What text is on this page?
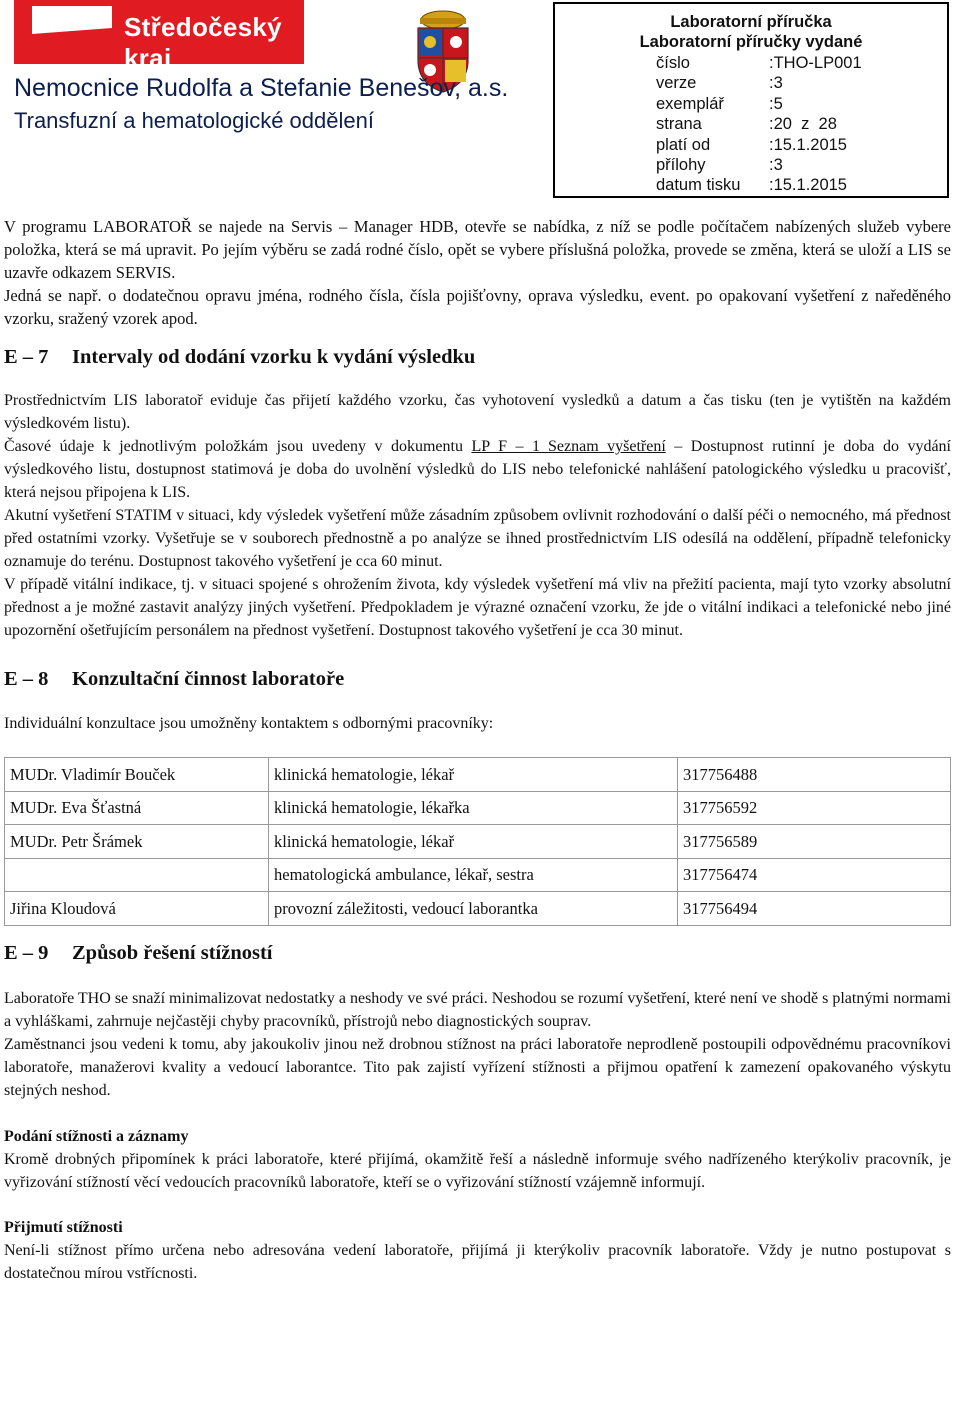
Středočeský kraj
Nemocnice Rudolfa a Stefanie Benešov, a.s.
Transfuzní a hematologické oddělení
Laboratorní příručka
Laboratorní příručky vydané
číslo	:THO-LP001
verze	:3
exemplář	:5
strana	:20  z  28
platí od	:15.1.2015
přílohy	:3
datum tisku :15.1.2015

V programu LABORATOŘ se najede na Servis – Manager HDB, otevře se nabídka, z níž se podle počítačem nabízených služeb vybere položka, která se má upravit. Po jejím výběru se zadá rodné číslo, opět se vybere příslušná položka, provede se změna, která se uloží a LIS se uzavře odkazem SERVIS.

Jedná se např. o dodatečnou opravu jména, rodného čísla, čísla pojišťovny, oprava výsledku, event. po opakovaní vyšetření z naředěného vzorku, sražený vzorek apod.

E – 7 Intervaly od dodání vzorku k vydání výsledku

Prostřednictvím LIS laboratoř eviduje čas přijetí každého vzorku, čas vyhotovení vysledků a datum a čas tisku (ten je vytištěn na každém výsledkovém listu).

Časové údaje k jednotlivým položkám jsou uvedeny v dokumentu LP_F – 1_Seznam vyšetření – Dostupnost rutinní je doba do vydání výsledkového listu, dostupnost statimová je doba do uvolnění výsledků do LIS nebo telefonické nahlášení patologického výsledku u pracovišť, která nejsou připojena k LIS.

Akutní vyšetření STATIM v situaci, kdy výsledek vyšetření může zásadním způsobem ovlivnit rozhodování o další péči o nemocného, má přednost před ostatními vzorky. Vyšetřuje se v souborech přednostně a po analýze se ihned prostřednictvím LIS odesílá na oddělení, případně telefonicky oznamuje do terénu. Dostupnost takového vyšetření je cca 60 minut.

V případě vitální indikace, tj. v situaci spojené s ohrožením života, kdy výsledek vyšetření má vliv na přežití pacienta, mají tyto vzorky absolutní přednost a je možné zastavit analýzy jiných vyšetření. Předpokladem je výrazné označení vzorku, že jde o vitální indikaci a telefonické nebo jiné upozornění ošetřujícím personálem na přednost vyšetření. Dostupnost takového vyšetření je cca 30 minut.

E – 8 Konzultační činnost laboratoře

Individuální konzultace jsou umožněny kontaktem s odbornými pracovníky:

MUDr. Vladimír Bouček	klinická hematologie, lékař	317756488
MUDr. Eva Šťastná	klinická hematologie, lékařka	317756592
MUDr. Petr Šrámek	klinická hematologie, lékař	317756589
	hematologická ambulance, lékař, sestra	317756474
Jiřina Kloudová	provozní záležitosti, vedoucí laborantka	317756494
E – 9 Způsob řešení stížností

Laboratoře THO se snaží minimalizovat nedostatky a neshody ve své práci. Neshodou se rozumí vyšetření, které není ve shodě s platnými normami a vyhláškami, zahrnuje nejčastěji chyby pracovníků, přístrojů nebo diagnostických souprav.

Zaměstnanci jsou vedeni k tomu, aby jakoukoliv jinou než drobnou stížnost na práci laboratoře neprodleně postoupili odpovědnému pracovníkovi laboratoře, manažerovi kvality a vedoucí laborantce. Tito pak zajistí vyřízení stížnosti a přijmou opatření k zamezení opakovaného výskytu stejných neshod.

Podání stížnosti a záznamy

Kromě drobných připomínek k práci laboratoře, které přijímá, okamžitě řeší a následně informuje svého nadřízeného kterýkoliv pracovník, je vyřizování stížností věcí vedoucích pracovníků laboratoře, kteří se o vyřizování stížností vzájemně informují.

Přijmutí stížnosti

Není-li stížnost přímo určena nebo adresována vedení laboratoře, přijímá ji kterýkoliv pracovník laboratoře. Vždy je nutno postupovat s dostatečnou mírou vstřícnosti.
